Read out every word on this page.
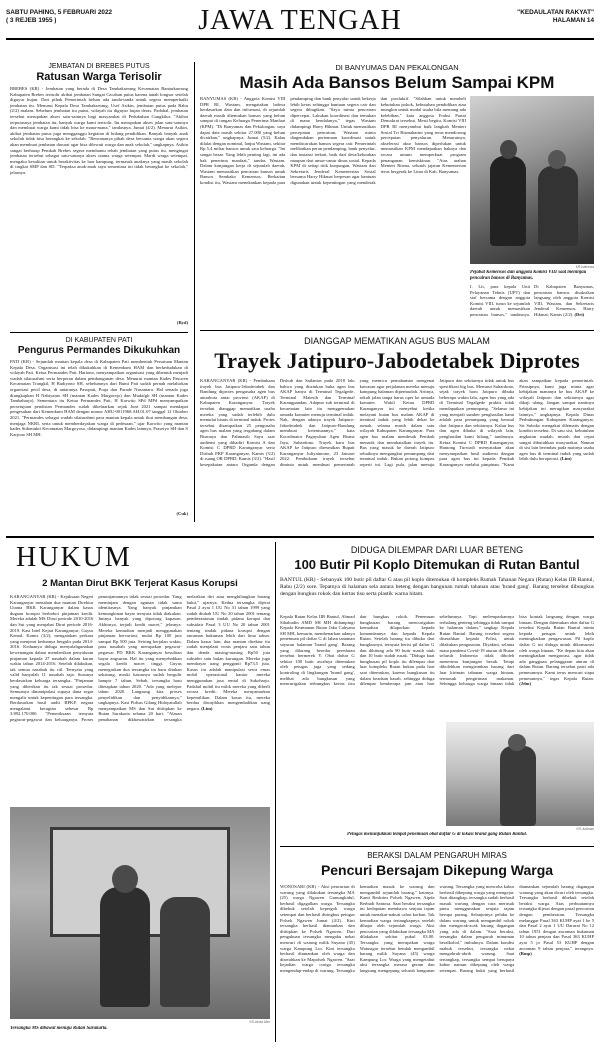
SABTU PAHING, 5 FEBRUARI 2022
( 3 REJEB 1955 )	JAWA TENGAH	"KEDAULATAN RAKYAT"
HALAMAN 14
JEMBATAN DI BREBES PUTUS
Ratusan Warga Terisolir
BREBES (KR) - Jembatan yang berada di Desa Tambakserang Kecamatan Bantarkawung Kabupaten Brebes terisolir akibat jembatan Sungai Cacaban putus karena tanah longsor setelah diguyur hujan. Dari pihak Pemerintah belum ada tanda-tanda untuk segera memperbaiki jembatan itu. Menurut Kepala Desa Tambakserang, Usef Asikin, jembatan putus pada Rabu (2/2) malam. Sebelum jembatan itu putus, wilayah itu diguyur hujan deras. Padahal, jembatan tersebut merupakan akses satu-satunya bagi masyarakat di Pedukuhan Cungkilur. "Akibat terputusnya jembatan itu, banyak warga kami terisolir. Itu merupakan akses jalan satu-satunya dan membuat warga kami tidak bisa ke mana-mana," tandasnya, Jumat (4/2). Menurut Asikin, akibat jembatan putus juga mengganggu kegiatan di bidang pendidikan. Banyak banyak anak sekolah tidak bisa berangkat ke sekolah. "Rencananya pihak desa bersama warga akan segera akan membuat jembatan darurat agar bisa dilewati warga dan anak sekolah," ungkapnya. Asikin sangat berharap Pemkab Brebes segera membantu rehab jembatan yang putus itu, mengingat jembatan tersebut sebagai satu-satunya akses utama warga setempat. Mardi warga setempat, mengaku kesulitan untuk beraktivitas ke luar kampung, termasuk anaknya yang masih sekolah di tingkat SMP dan SD. "Terpaksa anak-anak saya sementara ini tidak berangkat ke sekolah," jelasnya.
(Ryd)
DI KABUPATEN PATI
Pengurus Permandes Dikukuhkan
PATI (KR) - Sejumlah mantan kepala desa di Kabupaten Pati membentuk Persatuan Mantan Kepala Desa. Organisasi ini telah dikukuhkan di Kemenkum HAM dan berkedudukan di wilayah Pati. Ketua Permandes Pati, Hartono, menyampaikan organisasi yang dibentuk menjadi wadah silaturahmi serta berperan dalam pembangunan desa. Menurut mantan Kades Pasucen Kecamatan Trangkil, H Budiyono SH, sebelumnya dari Bumi Pati sudah pernah melahirkan organisasi pecil desa, di antaranya Pasopati, Praja dan Parade Nusantara. Hal senada juga diungkapkan H Nabiyanto SH (mantan Kades Margorejo) dan Mudafgh SH (mantan Kades Tambaharjo). Sementara itu Ketua Permandes Pati, H Karwito SPd MPd menyampaikan persetujuan pendirian Permandes sudah dikeluarkan sejak Juni 2021 sampai mendapat pengesahan dari Kemenkum HAM dengan nomor AHU-0011968.AH.01.07 tanggal 12 Oktober 2021. "Permandes sebagai wadah silaturahmi para mantan kepala untuk ikut membangun desa, menjaga NKRI, serta untuk memberdayakan warga di pedesaan," ujar Karwito yang mantan kades Sidomukti Kecamatan Margoyoso, didampingi mantan Kades lainnya, Prasetyo SH dan S Karjono SH MH.
(Cuk)
DI BANYUMAS DAN PEKALONGAN
Masih Ada Bansos Belum Sampai KPM
BANYUMAS (KR) - Anggota Komisi VIII DPR RI, Wastam, mengatakan bahwa berdasarkan data dan informasi, di sejumlah daerah masih ditemukan bansos yang belum sampai di tangan Keluarga Penerima Manfaat (KPM). "Di Banyumas dan Pekalongan, saya dapat data masih sekitar 27.000 yang belum dicairkan," ungkapnya, Jumat (5/2). Kalau dilalai dengan nominal, lanjut Wastam, sekitar Rp 5,4 miliar bansos untuk satu keluarga. "Ini sangat besar. Yang lebih penting lagi, ini ada hak penerima manfaat," tandas Wastam. Dalam kunjungan kerja di sejumlah daerah, Wastam memastikan pencairan bansos untuk Bansos Sembako Kemensos. Berkaitan kondisi itu, Wastam menekankan kepada para pendamping dan bank penyalur untuk bekerja lebih keras sehingga bantuan segera cair dan segera dibagikan. "Saya minta pencairan dipercepat. Lakukan koordinasi dan temukan di mana kendalanya," tegas Wastam didampingi Harry Hikmat. Untuk memastikan percepatan pencairan, Wastam minta diagendakan pertemuan koordinasi untuk membicarakan bansos segera cair. Pemerintah melibatkan peran pendamping, bank penyalur, dan instansi terkait, baik dari desa/kelurahan maupun dari unsur-unsur dinas sosial. Kepada KPM di setiap titik kunjungan, Wastam dan Sekretaris Jenderal Kementerian Sosial bersama Harry Hikmat berpesan agar bantuan digunakan untuk kepentingan yang mendesak dan produktif. "Silahkan untuk membeli kebutuhan pokok, kebutuhan pendidikan atau mungkin untuk modal usaha bila memang ada kelebihan," kata anggota Fraksi Partai Demokrat tersebut. Mesti begitu, Komisi VIII DPR RI menyambut baik langkah Menteri Sosial Tri Rismaharini yang terus mendorong percepatan penyaluran. Menurutnya, akselerasi akur bansos diperlukan untuk memastikan KPM mendapatkan haknya dan secara umum memperkuat program penanganan kemiskinan. "Atas arahan Menteri Risma, seluruh jajaran Kementerian terus bergerak ke Lima di Kab. Banyumas.
KR-Istimewa
Pejabat Kemensos dan anggota Komisi VIII saat meninjau pencairan bansos di Banyumas.
I, Lit, para kepala Unit Pelayanan Teknis (UPT) dan staf bersama dengan anggota Komisi VIII, turun ke sejumlah daerah untuk memastikan pencairan bansos," tandasnya. Di Kabupaten Banyumas, pencairan bansos disaksikan langsung oleh anggota Komisi VIII, Wastam, dan Sekretaris Jenderal Kemensos, Harry Hikmat, Kamis (2/2). (Dri)
DIANGGAP MEMATIKAN AGUS BUS MALAM
Trayek Jatipuro-Jabodetabek Diprotes
KARANGANYAR (KR) - Pembukaan trayek bus Jatipuro-Jabodetabek dan Bandung diprotes pengusaha agen bus antarkota antar provinsi (AKAP) di Kabupaten Karanganyar. Trayek tersebut dianggap mematikan usaha mereka yang sudah terlebih dulu memulai bisnis di terminal induk. Protes tersebut disampaikan 25 pengusaha agen bus malam yang tergabung dalam Bismaya dan Pahmasib Saya saat audiensi yang dihadiri Komisi A dan Komisi C DPRD Karanganyar serta Dishub PKP Karanganyar, Kamis (3/2) di ruang OR DPRD, Kamis (3/2). "Hasil kesepakatan antara Organda dengan Dishub dan Satlantas pada 2018 lalu bahwa yang diizinkan buka agen bus AKAP hanya di Terminal Tegalgede, Terminal Matesih dan Terminal Karangpandan. Adapun sub terminal di kecamatan lain itu menggemukan armada komuter menuju terminal induk. Nah, dengan adanya trayek Jatipuro-Jabodetabek dan Jatipuro-Bandung membuat ketentuannya," kata Koordinator Paguyuban Agen Bisma Jaya, Suhardono. Trayek baru bus AKAP ke Jatipuro diresmikan Bupati Karanganyar Juliyatmono, 23 Januari 2022. Pembukaan trayek tersebut diminta untuk membuat pemerintah yang memicu pemahaman mengenai kawasan agar perjalanan mereka menuju kampung halaman dipermudah. Artinya, sekali jalan tanpa harus oper ke armada komuter. Wakil Ketua DPRD Karanganyar ini menyebut ketika melayani kutan bus malam AKAP di terminal induk yang lebih dekat ke rumah, selama masih dalam satu wilayah Kabupaten Karanganyar. Para agen bus malam mendesak Pemkab menarik dan membatalkan trayek itu. Bus yang masuk ke daerah Jatipuro sebaiknya mengangkut penumpang dari terminal induk. Bukan potong kompas seperti ini. Lagi pula, jalan menuju Jatipuro dan sekitarnya tidak untuk bus spesifikasi big bus. Menurut Suhardono, sejak trayek baru Jatipuro dibuka beberapa waktu lalu, agen bus yang ada di Terminal Tegalgede praktis tidak mendapatkan penumpang. "Selama ini yang menjadi sumber penghasilan kami adalah para penumpang yang berasal dari Jatipuro dan sekitarnya. Kalau bus dan agen dibuka di wilayah lain, penghasilan kami hilang," tandasnya. Ketua Komisi C DPRD Karanganyar, Hantong Turwadi menyatakan akan menyampaikan hasil audiensi dengan para agen bus ini kepada Pemkab Karanganyar melalui pimpinan. "Kami akan sampaikan kepada pemerintah. Prinsipnya, kami juga minta agar kebijakan mananya ke bus AKAP ke wilayah Jatipuro dan sekitarnya agar dikaji ulang. Jangan sampai nantinya kebijakan ini merugikan masyarakat lainnya," ungkapnya. Kepala Dinas Perhubungan Kabupaten Karanganyar, Sri Suboko mengakui dilematis dengan kondisi tersebut. Di satu sisi, kebutuhan angkutan mudah, murah dan cepat sangat dibutuhkan masyarakat. Namun di sisi lain berimbas pada matinya usaha agen bus di terminal induk yang sudah lebih dulu beroperasi. (Lim)
HUKUM
2 Mantan Dirut BKK Terjerat Kasus Korupsi
KARANGANYAR (KR) - Kejaksaan Negeri Karanganyar menahan dua mantan Direktur Utama BKK Karanganyar dalam kasus dugaan korupsi berbobot pinjaman kredit. Mereka adalah MS Dirut periode 2010-2016 dan Sut yang menjabat Dirut periode 2016-2019. Kasi Intel Kejari Karanganyar, Guyus Kemal, Kamis (3/2), mengatakan perkara yang menjerat keduanya bergulir pada 2014-2016. Keduanya diduga menyalahgunakan kewenangan dalam memberikan penyaluran pinjaman kepada 27 nasabah dalam kurun waktu tahun 2014-2016. Setelah dilakukan, tak semua nasabah itu riil. Ternyata yang valid hanyalah 11 nasabah saja. Susunya berdasarkan keluarga tersangka. "Pinjaman yang diberikan itu tak sesuai prosedur. Semuanya dimanipulasi supaya dana segar mengalir untuk kepentingan para tersangka. Berdasarkan hasil audit BPKP, negara mengalami kerugian sebesar Rp 3.892.170.000. "Pemeriksaan ternyata pegawai-pegawai dan keluarganya. Proses peminjamannya tidak sesuai prosedur. Yang meminjam dengan agunan tidak sama identitasnya. Yang banyak pinjamkan kemungkinan bayar ternyata tidak diakukan. Intinya banyak yang dipotong kupasan. Akhirnya, terjadi kredit macet," jelasnya. Mereka kemudian menjadi menggunakan pinjaman bervariasi, mulai Rp 100 juta sampai Rp 500 juta. Seiring berjalan waktu, para nasabah yang merupakan pegawai-pegawai PD BKK Karanganyar kesulitan bayar angsuran. Hal itu yang menyebabkan segala kredit macet tinggi. Guyus menegaskan dua tersangka itu baru ditahan sekarang, meski kasusnya sudah bergulir hampir 7 tahun. Sebab, tersangka baru ditetapkan tahun 2020. "Ada yang melepor tahun 2020. Langsung kita proses penyelidikan dan penyidikannya," ungkapnya. Kasi Pidsus Gilang Hidayatullah menyampaikan MS dan Sut dititipkan ke Rutan Surakarta selama 20 hari. "Alasan penahanan dikhawatirkan tersangka melarikan diri atau menghilangkan barang bukti," ujarnya. Kedua tersangka dijerat Pasal 2 ayat 1 UU No 31 tahun 1999 yang sudah diubah UU No 20 tahun 2001 tentang pemberantasan tindak pidana korupsi dan subsidair Pasal 3 UU No 20 tahun 2001 tentang tindak pidana korupsi dengan ancaman hukuman lebih dari lima tahun. Dalam kasus lain, dua mantan direktur itu sudah menjalani vonis penjara satu tahun dan denda masing-masing Rp50 juta subsider satu bulan kurungan. Mereka juga membayar uang pengganti Rp73,5 juta. Kasus itu adalah manipulasi sewa emas mobil operasional kantor mereka menggunakan jasa rental di Sukoharjo. Padahal mobil itu milik mereka yang diberli secara kredit. Mereka menyamarkan kepemilikan. Dalam kasus itu, mereka berdua diwajibkan mengembalikan uang negara. (Lim)
KR-Abdul Alim
Tersangka MS dibawal menuju Rutan Surakarta.
DIDUGA DILEMPAR DARI LUAR BETENG
100 Butir Pil Koplo Ditemukan di Rutan Bantul
BANTUL (KR) - Sebanyak 100 butir pil daftar G atau pil koplo ditemukan di kompleks Rumah Tahanan Negara (Rutan) Kelas IIB Bantul, Rabu (2/2) sore. Tepatnya di halaman sela antara beteng dengan bangunan rumah tahanan atau 'brand gang'. Barang tersebut dibungkus dengan bungkus rokok dan kertas tisu serta plastik warna hitam.
Kepala Rutan Kelas IIB Bantul, Ahmad Sihabudin AMD SH MH didampingi Kepala Keamanan Rutan Jaka Cahyana SH MH, kemarin, membenarkan adanya penemuan pil daftar G di lahan tanaman sayuran halaman 'brand gang'. Barang yang dilarang beredar peredaran tersebut bermerek Y. Obat daftar G sekitar 100 butir awalnya ditemukan oleh petugas jaga yang sedang kontroling di lingkungan 'brand gang', melihat ada bungkusan yang mencurigakan terbungkus kertas tisu dan bungkus rokok. Penemuan bungkusan barang mencurigakan kemudian dilaporkan kepada komandannya dan kepada Kepala Rutan. Setelah barang itu dibuka dari bungkusnya, ternyata berisi pil daftar G dan dihitung ada 90 butir masih utuh dan 10 butir sudah rusak. "Diduga kuat bungkusan pil koplo itu dilempar dari luar kompleks Rutan bukan pada hari saat ditemukan, karena bungkusan itu dalam keadaan basah, sehingga diduga dilempar kemberapa jam atau hari sebelumnya. Tapi melemparkannya terhalang genteng sehingga tidak sampai ke halaman dalam," ungkap Kepala Rutan Bantul. Barang tersebut segera diserahkan kepada Polisi, untuk dilakukan pengusutan. Diyakini, selama masa pandemi Covid-19 aturan di Rutan seluruh Indonesia tidak diboleh menerima kunjungan besuk. Tetapi dibolehkan mengirimkan barang dari luar kiriman tahanan warga binaan, termasuk pengiriman makanan. Sehingga keluarga warga binaan tidak bisa kontak langsung dengan warga binaan. Dengan ditemukan obat daftar G tersebut Kepala Rutan Bantul minta kepada petugas untuk lebih meningkatkan pengawasan. Pil koplo daftar G ini diduga untuk dikonsumsi oleh warga binaan. "Ke depan kita akan meningkatkan mengawasi, agar tidak ada gangguan pelanggaran aturan di dalam Rutan. Barang tersebut pasti ada pemesannya. Kami terus mencari siapa pemesannya," tegas Kepala Rutan. (Jdm)
KR-Judiman
Petugas menunjukkan tempat penemuan obat daftar G di lokasi brand gang Rutan Bantul.
BERAKSI DALAM PENGARUH MIRAS
Pencuri Bersajam Dikepung Warga
WONOSARI (KR) - Aksi pencurian di warung yang dilakukan tersangka MA (25) warga Ngawen Gunungkidul, berhasil digagalkan warga. Tersangka dibekuk setelah kepergok warga setempat dan berhasil diringkus petugas Polsek Ngawen Jumat (4/2). Kini tersangka berhasil diamankan dan dititipkan ke Polsek Ngawen. Dari pengakuan tersangka mengaku nekat mencuri di warung milik Suyana (45) warga Kampung Lor. Kini tersangka berhasil diamankan oleh warga dan diserahkan ke Mapolsek Ngawen. "Saat kejadian warga curiga tersangka mengendap-endap di warung. Tersangka kemudian masuk ke warung dan mengambil sejumlah barang," katanya. Kanit Reskrim Polsek Ngawen, Aipda Berbudi Santosa. Saat beraksi tersangka ini kedapatan membawa senjata tajam untuk menakut-nakuti calon korban. Tak kemudian warga tertangkapnya setelah dihajar oleh sejumlah warga. Aksi pencurian yang dilakukan tersangka MA dilakukan sekitar pukul 03.00. Tersangka yang merupakan warga Watusigar tersebut hendak mengambil barang milik Suyana (45) warga Kampung Lor. Warga yang mengetahui aksi tersangka merasa geram dan langsung mengepung seluruh bangunan warung. Tersangka yang mencoba kabur berhasil dikepung warga yang mengejar. Saat ditangkap, tersangka sudah berhasil masuk warung dengan cara merusak pintu menggunakan senjata tajam berupa parang. Selanjutnya pelaku ke dalam warung untuk mengambil rokok dan mengacak-acak barang dagangan yang ada di dalam. "Saat beraksi, tersangka dalam pengaruh minuman beralkohol," imbuhnya. Dalam kondisi mabuk tersebut, tersangka nekat mengobrak-abrik warung. Saat tertangkap, tersangka sempat berupaya kabur namun dikepung oleh warga setempat. Barang bukti yang berhasil diamankan sejumlah barang dagangan warung yang akan dicuri oleh tersangka. Tersangka berhasil dibekuk setelah beraksi warga. Atas perbuatannya tersangka dijerat dengan pasal pencurian dengan pemberatan. Tersangka melanggar Pasal 363 KUHP ayat 1 ke 5 dan Pasal 2 ayat 1 UU Darurat No 12 tahun 1951 dengan ancaman hukuman 10 tahun penjara dan Pasal 363 KUHP ayat 5 jo Pasal 53 KUHP dengan ancaman 9 tahun penjara," terangnya. (Bmp)
